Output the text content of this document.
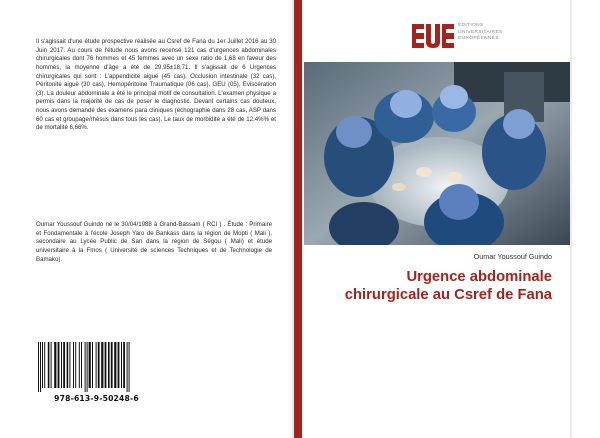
Il s'agissait d'une étude prospective réalisée au Csref de Fana du 1er Juillet 2016 au 30 Juin 2017. Au cours de l'étude nous avons recensé 121 cas d'urgences abdominales chirurgicales dont 76 hommes et 45 femmes avec un sexe ratio de 1,68 en faveur des hommes, la moyenne d'âge a été de 29,95±18,71. Il s'agissait de 6 Urgences chirurgicales qui sont : L'appendicite aiguë (45 cas), Occlusion intestinale (32 cas), Péritonite aiguë (30 cas), Hemopéritoine Traumatique (06 cas), GEU (05), Eviscération (3). La douleur abdominale a été le principal motif de consultation. L'examen physique a permis dans la majorité de cas de poser le diagnostic. Devant certains cas douteux, nous avons demandé des examens para cliniques (échographie dans 28 cas, ASP dans 60 cas et groupage/rhésus dans tous les cas). Le taux de morbidité a été de 12,4%% et de mortalité 6,66%.
Oumar Youssouf Guindo né le 30/04/1988 à Grand-Bassam ( RCI ) . Étude : Primaire et Fondamentale à l'école Joseph Yaro de Bankass dans la région de Mopti ( Mali ), secondaire au Lycée Public de San dans la région de Ségou ( Mali) et étude universitaire à la Fmos ( Université de sciences Techniques et de Technologie de Bamako).
978-613-9-50248-6
ÉDITIONS
UNIVERSITAIRES
EUROPÉENNES
Oumar Youssouf Guindo
Urgence abdominale chirurgicale au Csref de Fana
